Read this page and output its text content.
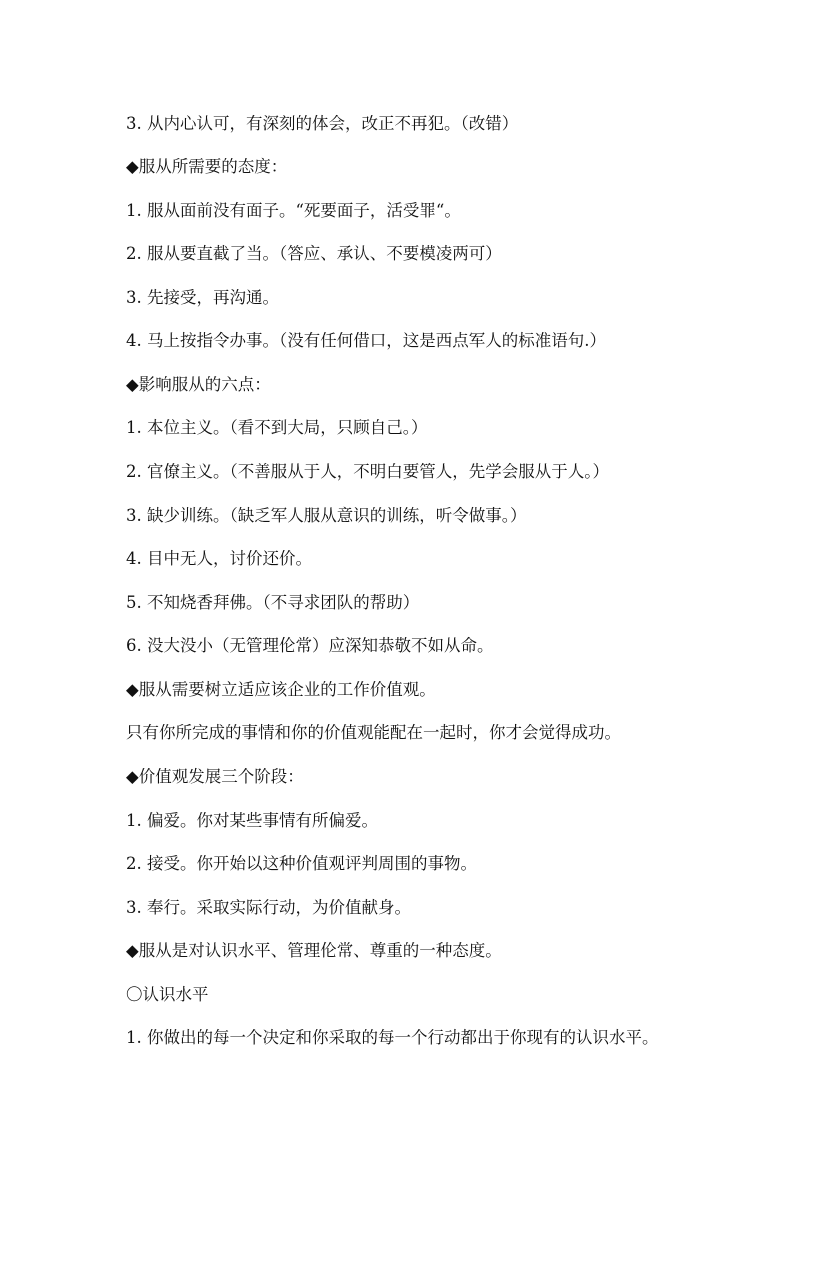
3. 从内心认可，有深刻的体会，改正不再犯。（改错）
◆服从所需要的态度：
1. 服从面前没有面子。“死要面子，活受罪“。
2. 服从要直截了当。（答应、承认、不要模凌两可）
3. 先接受，再沟通。
4. 马上按指令办事。（没有任何借口，这是西点军人的标准语句.）
◆影响服从的六点：
1. 本位主义。（看不到大局，只顾自己。）
2. 官僚主义。（不善服从于人，不明白要管人，先学会服从于人。）
3. 缺少训练。（缺乏军人服从意识的训练，听令做事。）
4. 目中无人，讨价还价。
5. 不知烧香拜佛。（不寻求团队的帮助）
6. 没大没小（无管理伦常）应深知恭敬不如从命。
◆服从需要树立适应该企业的工作价值观。
只有你所完成的事情和你的价值观能配在一起时，你才会觉得成功。
◆价值观发展三个阶段：
1. 偏爱。你对某些事情有所偏爱。
2. 接受。你开始以这种价值观评判周围的事物。
3. 奉行。采取实际行动，为价值献身。
◆服从是对认识水平、管理伦常、尊重的一种态度。
〇认识水平
1. 你做出的每一个决定和你采取的每一个行动都出于你现有的认识水平。
